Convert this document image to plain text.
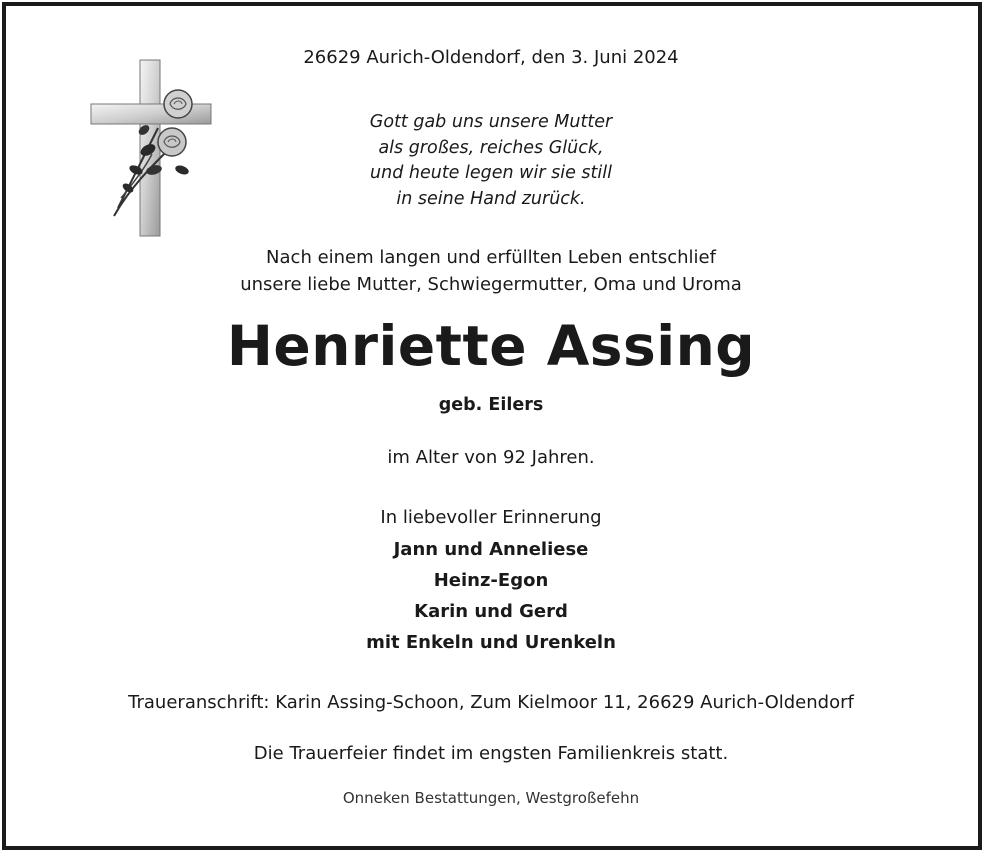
26629 Aurich-Oldendorf, den 3. Juni 2024
Gott gab uns unsere Mutter
als großes, reiches Glück,
und heute legen wir sie still
in seine Hand zurück.
Nach einem langen und erfüllten Leben entschlief
unsere liebe Mutter, Schwiegermutter, Oma und Uroma
Henriette Assing
geb. Eilers
im Alter von 92 Jahren.
In liebevoller Erinnerung
Jann und Anneliese
Heinz-Egon
Karin und Gerd
mit Enkeln und Urenkeln
Traueranschrift: Karin Assing-Schoon, Zum Kielmoor 11, 26629 Aurich-Oldendorf
Die Trauerfeier findet im engsten Familienkreis statt.
Onneken Bestattungen, Westgroßefehn
